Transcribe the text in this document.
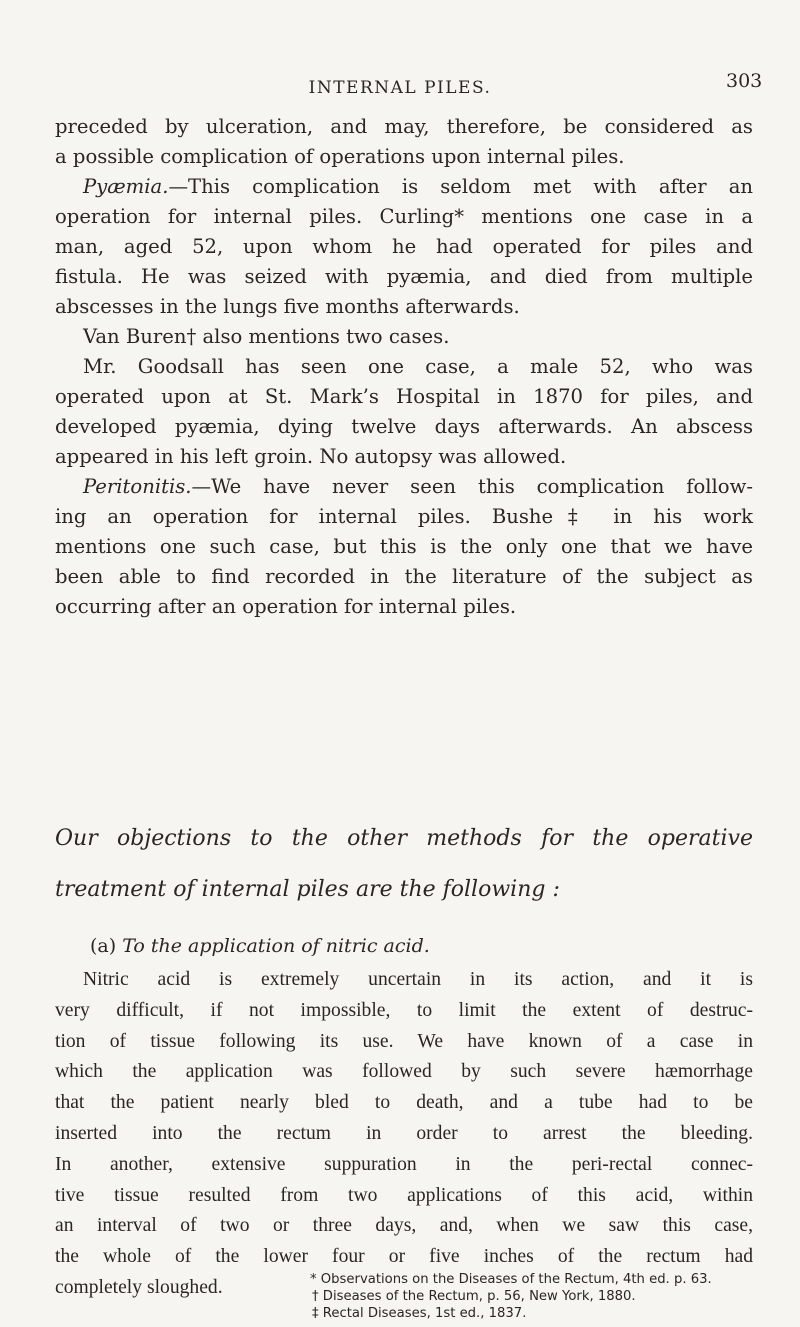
INTERNAL PILES.	303
preceded by ulceration, and may, therefore, be considered as
a possible complication of operations upon internal piles.
Pyæmia.—This complication is seldom met with after an
operation for internal piles. Curling* mentions one case in a
man, aged 52, upon whom he had operated for piles and
fistula. He was seized with pyæmia, and died from multiple
abscesses in the lungs five months afterwards.
Van Buren† also mentions two cases.
Mr. Goodsall has seen one case, a male 52, who was
operated upon at St. Mark’s Hospital in 1870 for piles, and
developed pyæmia, dying twelve days afterwards. An abscess
appeared in his left groin. No autopsy was allowed.
Peritonitis.—We have never seen this complication follow-
ing an operation for internal piles. Bushe‡ in his work
mentions one such case, but this is the only one that we have
been able to find recorded in the literature of the subject as
occurring after an operation for internal piles.
Our objections to the other methods for the operative
treatment of internal piles are the following :
(a) To the application of nitric acid.
Nitric acid is extremely uncertain in its action, and it is
very difficult, if not impossible, to limit the extent of destruc-
tion of tissue following its use. We have known of a case in
which the application was followed by such severe hæmorrhage
that the patient nearly bled to death, and a tube had to be
inserted into the rectum in order to arrest the bleeding.
In another, extensive suppuration in the peri-rectal connec-
tive tissue resulted from two applications of this acid, within
an interval of two or three days, and, when we saw this case,
the whole of the lower four or five inches of the rectum had
completely sloughed.	* Observations on the Diseases of the Rectum, 4th ed. p. 63.
† Diseases of the Rectum, p. 56, New York, 1880.
‡ Rectal Diseases, 1st ed., 1837.
